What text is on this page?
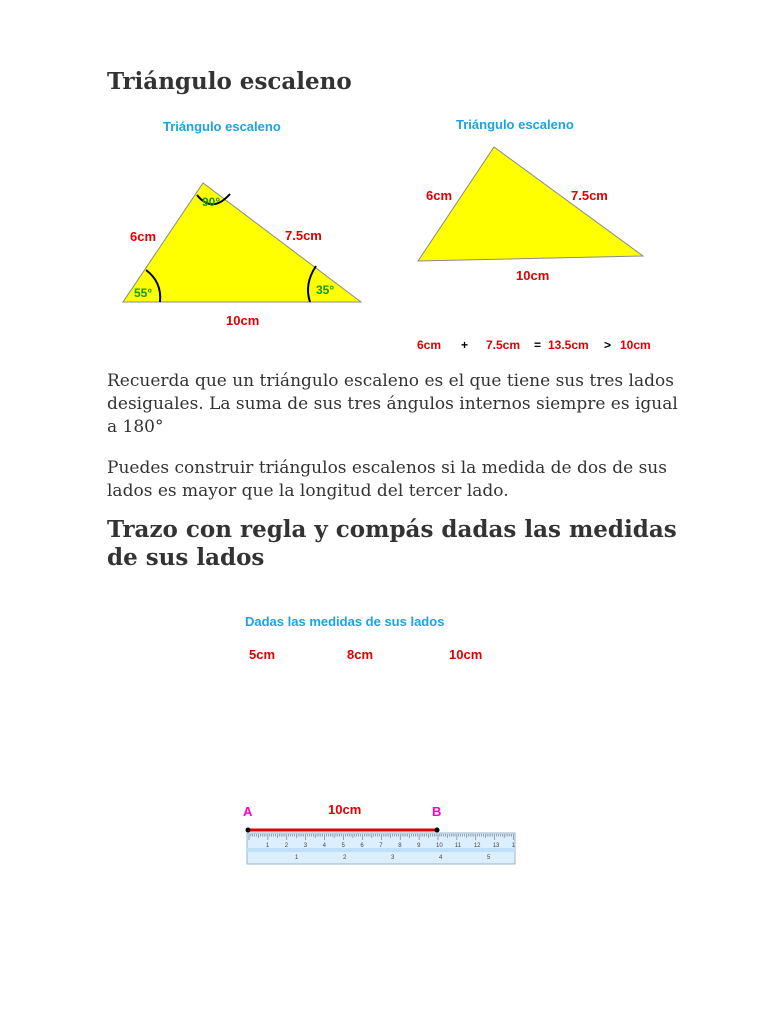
Triángulo escaleno
Triángulo escaleno
6cm	7.5cm
10cm
90°
55°	35°
Triángulo escaleno
6cm	7.5cm
10cm
6cm + 7.5cm = 13.5cm > 10cm

Recuerda que un triángulo escaleno es el que tiene sus tres lados desiguales. La suma de sus tres ángulos internos siempre es igual a 180°

Puedes construir triángulos escalenos si la medida de dos de sus lados es mayor que la longitud del tercer lado.

Trazo con regla y compás dadas las medidas de sus lados
Dadas las medidas de sus lados
5cm	8cm	10cm
A	B
10cm
1	2	3	4	5	6	7	8	9	10 11 12 13 1
1	2	3	4	5
